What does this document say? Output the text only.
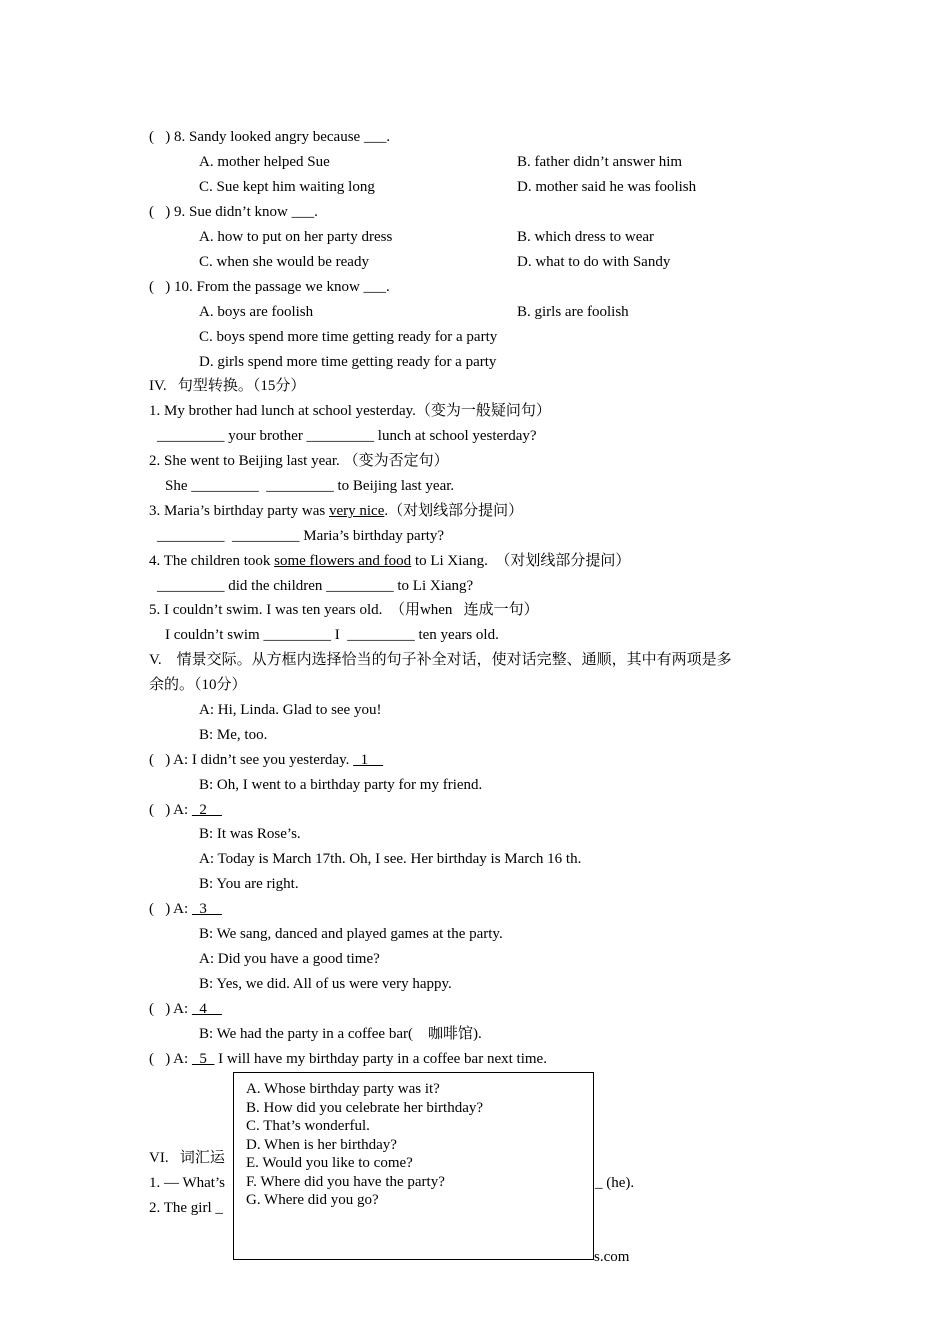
(   ) 8. Sandy looked angry because ___.
A. mother helped Sue	B. father didn’t answer him
C. Sue kept him waiting long	D. mother said he was foolish
(   ) 9. Sue didn’t know ___.
A. how to put on her party dress	B. which dress to wear
C. when she would be ready	D. what to do with Sandy
(   ) 10. From the passage we know ___.
A. boys are foolish	B. girls are foolish
C. boys spend more time getting ready for a party
D. girls spend more time getting ready for a party
IV.   句型转换。（15分）
1. My brother had lunch at school yesterday.（变为一般疑问句）
_________ your brother _________ lunch at school yesterday?
2. She went to Beijing last year. （变为否定句）
She _________  _________ to Beijing last year.
3. Maria’s birthday party was very nice.（对划线部分提问）
_________  _________ Maria’s birthday party?
4. The children took some flowers and food to Li Xiang.  （对划线部分提问）
_________ did the children _________ to Li Xiang?
5. I couldn’t swim. I was ten years old. （用when   连成一句）
I couldn’t swim _________ I  _________ ten years old.
V.    情景交际。从方框内选择恰当的句子补全对话，使对话完整、通顺，其中有两项是多
余的。（10分）
A: Hi, Linda. Glad to see you!
B: Me, too.
(   ) A: I didn’t see you yesterday.   1
B: Oh, I went to a birthday party for my friend.
(   ) A:   2
B: It was Rose’s.
A: Today is March 17th. Oh, I see. Her birthday is March 16 th.
B: You are right.
(   ) A:   3
B: We sang, danced and played games at the party.
A: Did you have a good time?
B: Yes, we did. All of us were very happy.
(   ) A:   4
B: We had the party in a coffee bar(    咖啡馆).
(   ) A:   5   I will have my birthday party in a coffee bar next time.
VI.   词汇运
1. — What’s	_ (he).
2. The girl _
s.com
A. Whose birthday party was it?
B. How did you celebrate her birthday?
C. That’s wonderful.
D. When is her birthday?
E. Would you like to come?
F. Where did you have the party?
G. Where did you go?
